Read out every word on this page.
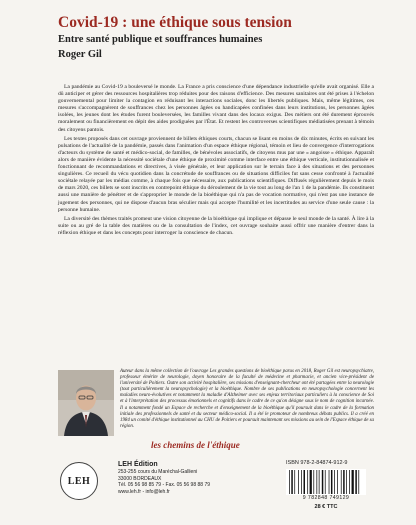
Covid-19 : une éthique sous tension
Entre santé publique et souffrances humaines
Roger Gil

La pandémie au Covid-19 a bouleversé le monde. La France a pris conscience d'une dépendance industrielle qu'elle avait organisé. Elle a dû anticiper et gérer des ressources hospitalières trop réduites pour des raisons d'efficience. Des mesures sanitaires ont été prises à l'échelon gouvernemental pour limiter la contagion en réduisant les interactions sociales, donc les libertés publiques. Mais, même légitimes, ces mesures s'accompagnèrent de souffrances chez les personnes âgées ou handicapées confinées dans leurs institutions, les personnes âgées isolées, les jeunes dont les études furent bouleversées, les familles vivant dans des locaux exigus. Des métiers ont été durement éprouvés moralement ou financièrement en dépit des aides prodiguées par l'État. Et restent les controverses scientifiques médiatisées prenant à témoin des citoyens pantois.

Les textes proposés dans cet ouvrage proviennent de billets éthiques courts, chacun se lisant en moins de dix minutes, écrits en suivant les pulsations de l'actualité de la pandémie, passés dans l'animation d'un espace éthique régional, témoin et lieu de convergence d'interrogations d'acteurs du système de santé et médico-social, de familles, de bénévoles associatifs, de citoyens mus par une « angoisse » éthique. Apparaît alors de manière évidente la nécessité sociétale d'une éthique de proximité comme interface entre une éthique verticale, institutionnalisée et fonctionnant de recommandations et directives, à visée générale, et leur application sur le terrain face à des situations et des personnes singulières. Ce recueil du vécu quotidien dans la concrétude de souffrances ou de situations difficiles fut sans cesse confronté à l'actualité sociétale relayée par les médias comme, à chaque fois que nécessaire, aux publications scientifiques. Diffusés régulièrement depuis le mois de mars 2020, ces billets se sont inscrits en contrepoint éthique du déroulement de la vie tout au long de l'an 1 de la pandémie. Ils constituent aussi une manière de pénétrer et de s'approprier le monde de la bioéthique qui n'a pas de vocation normative, qui n'est pas une instance de jugement des personnes, qui ne dispose d'aucun bras séculier mais qui accepte l'humilité et les incertitudes au service d'une seule cause : la personne humaine.

La diversité des thèmes traités promeut une vision citoyenne de la bioéthique qui implique et dépasse le seul monde de la santé. À lire à la suite ou au gré de la table des matières ou de la consultation de l'index, cet ouvrage souhaite aussi offrir une manière d'entrer dans la réflexion éthique et dans les concepts pour interroger la conscience de chacun.

Auteur dans la même collection de l'ouvrage Les grandes questions de bioéthique parus en 2018, Roger Gil est neuropsychiatre, professeur émérite de neurologie, doyen honoraire de la faculté de médecine et pharmacie, et ancien vice-président de l'université de Poitiers. Outre son activité hospitalière, ses missions d'enseignant-chercheur ont été partagées entre la neurologie (tout particulièrement la neuropsychologie) et la bioéthique. Nombre de ses publications en neuropsychologie concernent les maladies neuro-évolutives et notamment la maladie d'Alzheimer avec ses enjeux territoriaux particuliers à la conscience de Soi et à l'interprétation des processus émotionnels et cognitifs dans le cadre de ce qu'on désigne sous le nom de cognition incarnée. Il a notamment fondé un Espace de recherche et d'enseignement de la bioéthique qu'il poursuit dans le cadre de la formation initiale des professionnels de santé et du secteur médico-social. Il a été le promoteur de nombreux débats publics. Il a créé en 1984 un comité d'éthique institutionnel au CHU de Poitiers et poursuit maintenant ses missions au sein de l'Espace éthique de sa région.
les chemins de l'éthique
LEH
LEH Édition
253-255 cours du Maréchal-Gallieni
33000 BORDEAUX
Tél. 05 56 98 85 79 - Fax. 05 56 98 88 79
www.leh.fr - info@leh.fr
ISBN 978-2-84874-912-9
9 782848 749129
28 € TTC
